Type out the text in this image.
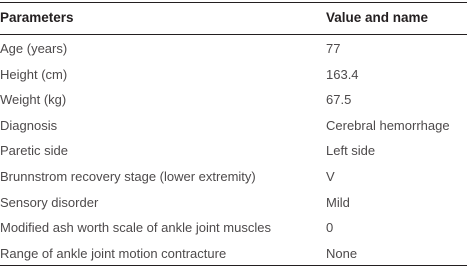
Parameters	Value and name
Age (years)	77
Height (cm)	163.4
Weight (kg)	67.5
Diagnosis	Cerebral hemorrhage
Paretic side	Left side
Brunnstrom recovery stage (lower extremity)	V
Sensory disorder	Mild
Modified ash worth scale of ankle joint muscles	0
Range of ankle joint motion contracture	None
